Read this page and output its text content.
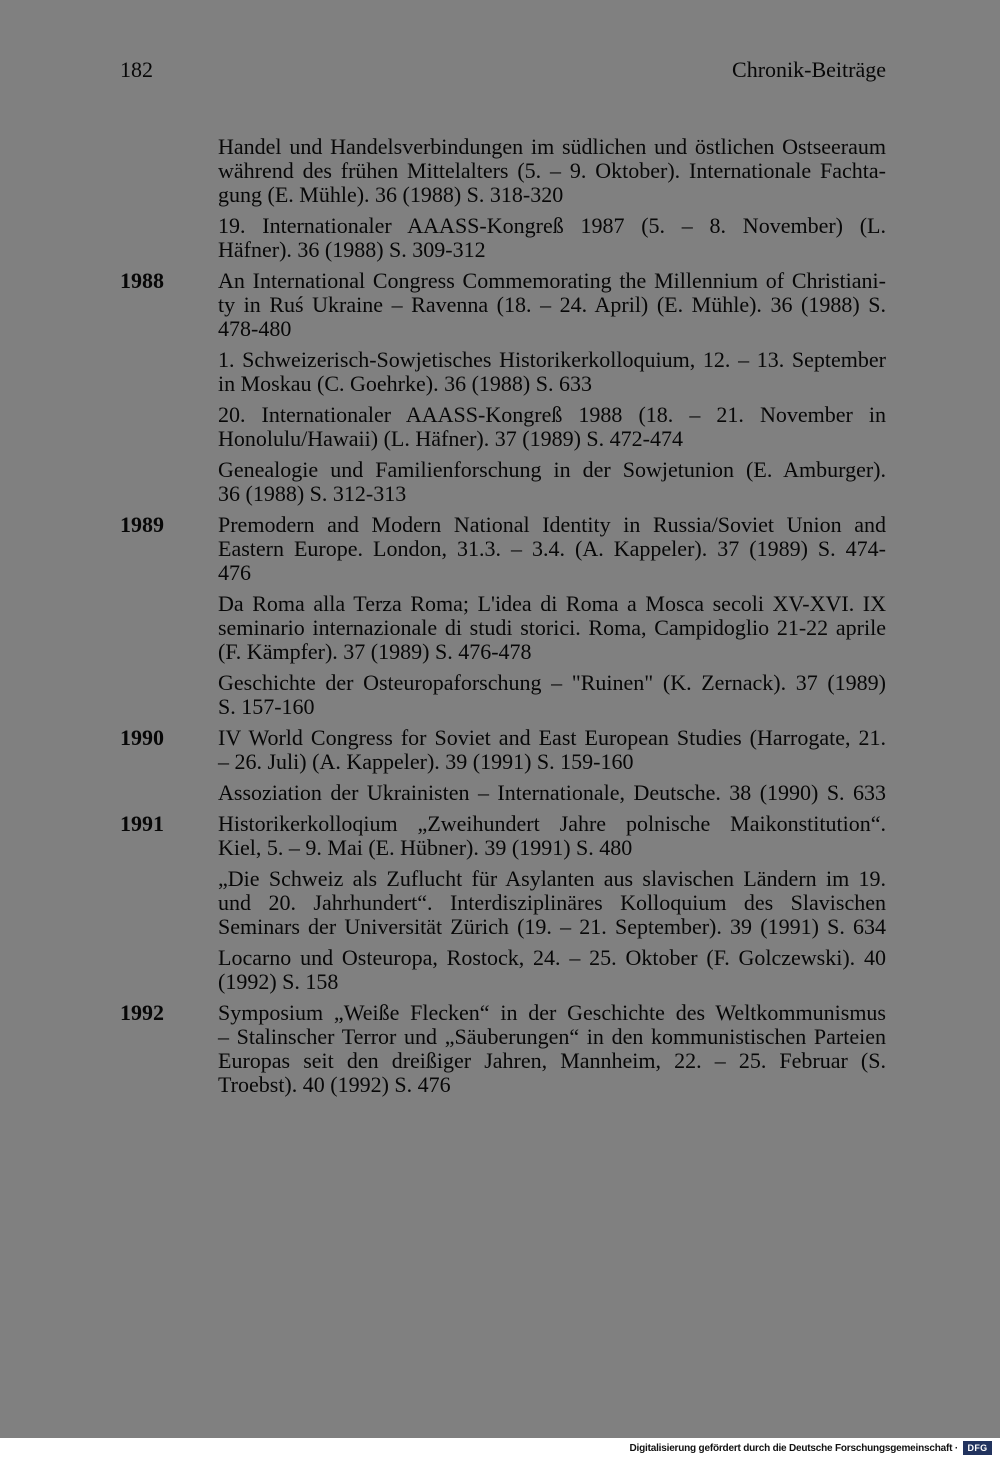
182	Chronik-Beiträge
Handel und Handelsverbindungen im südlichen und östlichen Ostseeraum
während des frühen Mittelalters (5. – 9. Oktober). Internationale Fachta-
gung (E. Mühle). 36 (1988) S. 318-320
19. Internationaler AAASS-Kongreß 1987 (5. – 8. November) (L.
Häfner). 36 (1988) S. 309-312
1988	An International Congress Commemorating the Millennium of Christiani-
ty in Ruś Ukraine – Ravenna (18. – 24. April) (E. Mühle). 36 (1988) S.
478-480
1. Schweizerisch-Sowjetisches Historikerkolloquium, 12. – 13. September
in Moskau (C. Goehrke). 36 (1988) S. 633
20. Internationaler AAASS-Kongreß 1988 (18. – 21. November in
Honolulu/Hawaii) (L. Häfner). 37 (1989) S. 472-474
Genealogie und Familienforschung in der Sowjetunion (E. Amburger).
36 (1988) S. 312-313
1989	Premodern and Modern National Identity in Russia/Soviet Union and
Eastern Europe. London, 31.3. – 3.4. (A. Kappeler). 37 (1989) S. 474-
476
Da Roma alla Terza Roma; L'idea di Roma a Mosca secoli XV-XVI. IX
seminario internazionale di studi storici. Roma, Campidoglio 21-22 aprile
(F. Kämpfer). 37 (1989) S. 476-478
Geschichte der Osteuropaforschung – "Ruinen" (K. Zernack). 37 (1989)
S. 157-160
1990	IV World Congress for Soviet and East European Studies (Harrogate, 21.
– 26. Juli) (A. Kappeler). 39 (1991) S. 159-160
Assoziation der Ukrainisten – Internationale, Deutsche. 38 (1990) S. 633
1991	Historikerkolloqium „Zweihundert Jahre polnische Maikonstitution“.
Kiel, 5. – 9. Mai (E. Hübner). 39 (1991) S. 480
„Die Schweiz als Zuflucht für Asylanten aus slavischen Ländern im 19.
und 20. Jahrhundert“. Interdisziplinäres Kolloquium des Slavischen
Seminars der Universität Zürich (19. – 21. September). 39 (1991) S. 634
Locarno und Osteuropa, Rostock, 24. – 25. Oktober (F. Golczewski). 40
(1992) S. 158
1992	Symposium „Weiße Flecken“ in der Geschichte des Weltkommunismus
– Stalinscher Terror und „Säuberungen“ in den kommunistischen Parteien
Europas seit den dreißiger Jahren, Mannheim, 22. – 25. Februar (S.
Troebst). 40 (1992) S. 476
Digitalisierung gefördert durch die Deutsche Forschungsgemeinschaft ·	DFG
